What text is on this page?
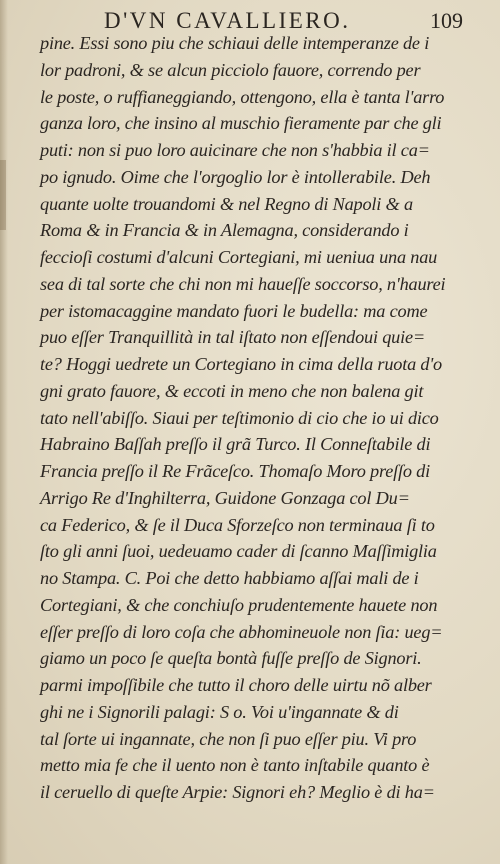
D'VN CAVALLIERO.	109
pine. Essi sono piu che schiaui delle intemperanze de i
lor padroni, & se alcun picciolo fauore, correndo per
le poste, o ruffianeggiando, ottengono, ella è tanta l'arro
ganza loro, che insino al muschio fieramente par che gli
puti: non si puo loro auicinare che non s'habbia il ca=
po ignudo. Oime che l'orgoglio lor è intollerabile. Deh
quante uolte trouandomi & nel Regno di Napoli & a
Roma & in Francia & in Alemagna, considerando i
feccioſi costumi d'alcuni Cortegiani, mi ueniua una nau
sea di tal sorte che chi non mi haueſſe soccorso, n'haurei
per istomacaggine mandato fuori le budella: ma come
puo eſſer Tranquillità in tal iſtato non eſſendoui quie=
te? Hoggi uedrete un Cortegiano in cima della ruota d'o
gni grato fauore, & eccoti in meno che non balena git
tato nell'abiſſo. Siaui per teſtimonio di cio che io ui dico
Habraino Baſſah preſſo il grã Turco. Il Conneſtabile di
Francia preſſo il Re Frãceſco. Thomaſo Moro preſſo di
Arrigo Re d'Inghilterra, Guidone Gonzaga col Du=
ca Federico, & ſe il Duca Sforzeſco non terminaua ſi to
ſto gli anni ſuoi, uedeuamo cader di ſcanno Maſſimiglia
no Stampa. C. Poi che detto habbiamo aſſai mali de i
Cortegiani, & che conchiuſo prudentemente hauete non
eſſer preſſo di loro coſa che abhomineuole non ſia: ueg=
giamo un poco ſe queſta bontà fuſſe preſſo de Signori.
parmi impoſſibile che tutto il choro delle uirtu nõ alber
ghi ne i Signorili palagi: S o. Voi u'ingannate & di
tal ſorte ui ingannate, che non ſi puo eſſer piu. Vi pro
metto mia fe che il uento non è tanto inſtabile quanto è
il ceruello di queſte Arpie: Signori eh? Meglio è di ha=
